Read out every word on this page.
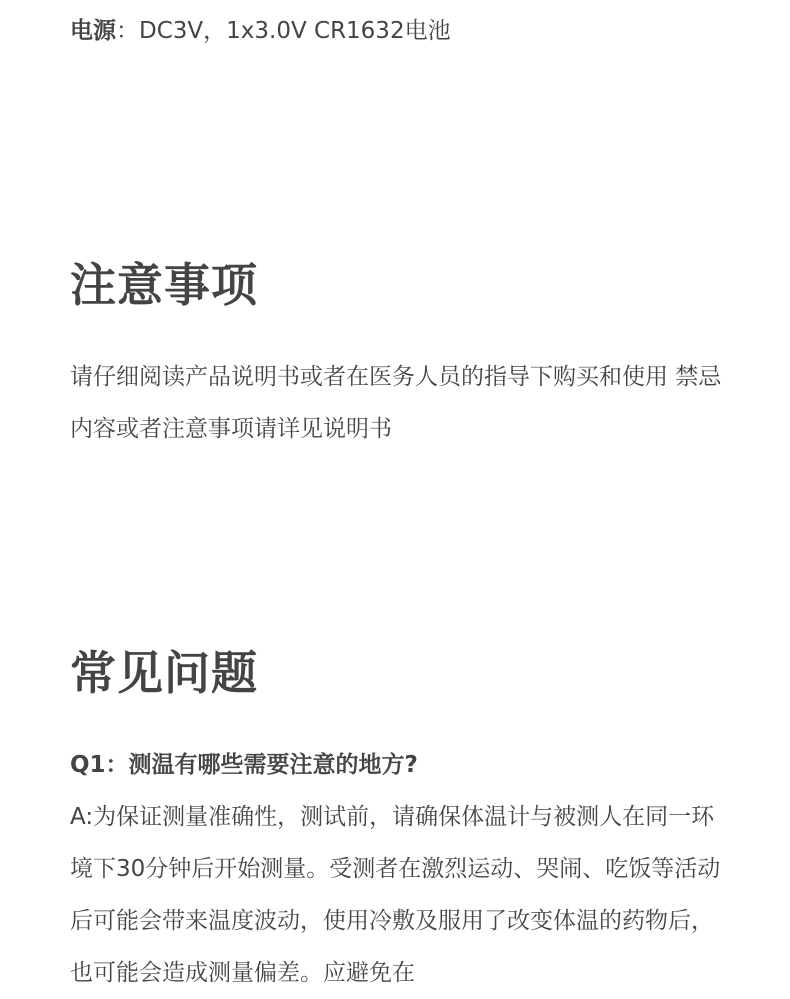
电源：DC3V，1x3.0V CR1632电池
注意事项
请仔细阅读产品说明书或者在医务人员的指导下购买和使用 禁忌内容或者注意事项请详见说明书
常见问题
Q1：测温有哪些需要注意的地方?
A:为保证测量准确性，测试前，请确保体温计与被测人在同一环境下30分钟后开始测量。受测者在激烈运动、哭闹、吃饭等活动后可能会带来温度波动，使用冷敷及服用了改变体温的药物后，也可能会造成测量偏差。应避免在
